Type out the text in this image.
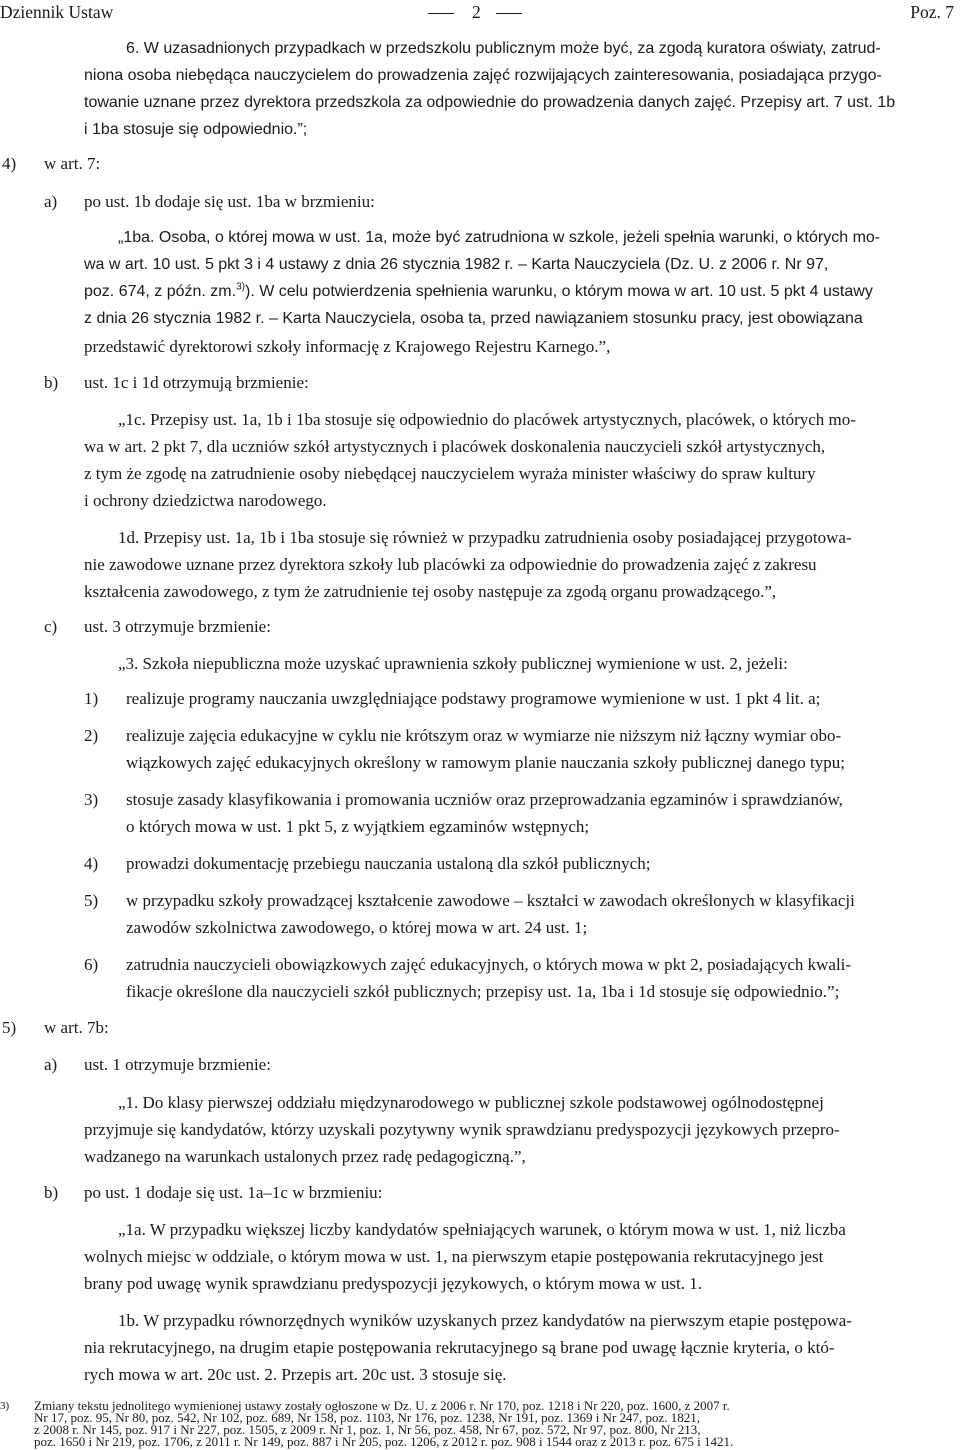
Dziennik Ustaw	2	Poz. 7
6. W uzasadnionych przypadkach w przedszkolu publicznym może być, za zgodą kuratora oświaty, zatrud-
niona osoba niebędąca nauczycielem do prowadzenia zajęć rozwijających zainteresowania, posiadająca przygo-
towanie uznane przez dyrektora przedszkola za odpowiednie do prowadzenia danych zajęć. Przepisy art. 7 ust. 1b
i 1ba stosuje się odpowiednio.”;
4) w art. 7:
a) po ust. 1b dodaje się ust. 1ba w brzmieniu:
„1ba. Osoba, o której mowa w ust. 1a, może być zatrudniona w szkole, jeżeli spełnia warunki, o których mo-
wa w art. 10 ust. 5 pkt 3 i 4 ustawy z dnia 26 stycznia 1982 r. – Karta Nauczyciela (Dz. U. z 2006 r. Nr 97,
poz. 674, z późn. zm.$^{3)}$). W celu potwierdzenia spełnienia warunku, o którym mowa w art. 10 ust. 5 pkt 4 ustawy
z dnia 26 stycznia 1982 r. – Karta Nauczyciela, osoba ta, przed nawiązaniem stosunku pracy, jest obowiązana
przedstawić dyrektorowi szkoły informację z Krajowego Rejestru Karnego.”,
b) ust. 1c i 1d otrzymują brzmienie:
„1c. Przepisy ust. 1a, 1b i 1ba stosuje się odpowiednio do placówek artystycznych, placówek, o których mo-
wa w art. 2 pkt 7, dla uczniów szkół artystycznych i placówek doskonalenia nauczycieli szkół artystycznych,
z tym że zgodę na zatrudnienie osoby niebędącej nauczycielem wyraża minister właściwy do spraw kultury
i ochrony dziedzictwa narodowego.
1d. Przepisy ust. 1a, 1b i 1ba stosuje się również w przypadku zatrudnienia osoby posiadającej przygotowa-
nie zawodowe uznane przez dyrektora szkoły lub placówki za odpowiednie do prowadzenia zajęć z zakresu
kształcenia zawodowego, z tym że zatrudnienie tej osoby następuje za zgodą organu prowadzącego.”,
c) ust. 3 otrzymuje brzmienie:
„3. Szkoła niepubliczna może uzyskać uprawnienia szkoły publicznej wymienione w ust. 2, jeżeli:
1) realizuje programy nauczania uwzględniające podstawy programowe wymienione w ust. 1 pkt 4 lit. a;
2) realizuje zajęcia edukacyjne w cyklu nie krótszym oraz w wymiarze nie niższym niż łączny wymiar obo-
wiązkowych zajęć edukacyjnych określony w ramowym planie nauczania szkoły publicznej danego typu;
3) stosuje zasady klasyfikowania i promowania uczniów oraz przeprowadzania egzaminów i sprawdzianów,
o których mowa w ust. 1 pkt 5, z wyjątkiem egzaminów wstępnych;
4) prowadzi dokumentację przebiegu nauczania ustaloną dla szkół publicznych;
5) w przypadku szkoły prowadzącej kształcenie zawodowe – kształci w zawodach określonych w klasyfikacji
zawodów szkolnictwa zawodowego, o której mowa w art. 24 ust. 1;
6) zatrudnia nauczycieli obowiązkowych zajęć edukacyjnych, o których mowa w pkt 2, posiadających kwali-
fikacje określone dla nauczycieli szkół publicznych; przepisy ust. 1a, 1ba i 1d stosuje się odpowiednio.”;
5) w art. 7b:
a) ust. 1 otrzymuje brzmienie:
„1. Do klasy pierwszej oddziału międzynarodowego w publicznej szkole podstawowej ogólnodostępnej
przyjmuje się kandydatów, którzy uzyskali pozytywny wynik sprawdzianu predyspozycji językowych przepro-
wadzanego na warunkach ustalonych przez radę pedagogiczną.”,
b) po ust. 1 dodaje się ust. 1a–1c w brzmieniu:
„1a. W przypadku większej liczby kandydatów spełniających warunek, o którym mowa w ust. 1, niż liczba
wolnych miejsc w oddziale, o którym mowa w ust. 1, na pierwszym etapie postępowania rekrutacyjnego jest
brany pod uwagę wynik sprawdzianu predyspozycji językowych, o którym mowa w ust. 1.
1b. W przypadku równorzędnych wyników uzyskanych przez kandydatów na pierwszym etapie postępowa-
nia rekrutacyjnego, na drugim etapie postępowania rekrutacyjnego są brane pod uwagę łącznie kryteria, o któ-
rych mowa w art. 20c ust. 2. Przepis art. 20c ust. 3 stosuje się.
3) Zmiany tekstu jednolitego wymienionej ustawy zostały ogłoszone w Dz. U. z 2006 r. Nr 170, poz. 1218 i Nr 220, poz. 1600, z 2007 r.
Nr 17, poz. 95, Nr 80, poz. 542, Nr 102, poz. 689, Nr 158, poz. 1103, Nr 176, poz. 1238, Nr 191, poz. 1369 i Nr 247, poz. 1821,
z 2008 r. Nr 145, poz. 917 i Nr 227, poz. 1505, z 2009 r. Nr 1, poz. 1, Nr 56, poz. 458, Nr 67, poz. 572, Nr 97, poz. 800, Nr 213,
poz. 1650 i Nr 219, poz. 1706, z 2011 r. Nr 149, poz. 887 i Nr 205, poz. 1206, z 2012 r. poz. 908 i 1544 oraz z 2013 r. poz. 675 i 1421.
